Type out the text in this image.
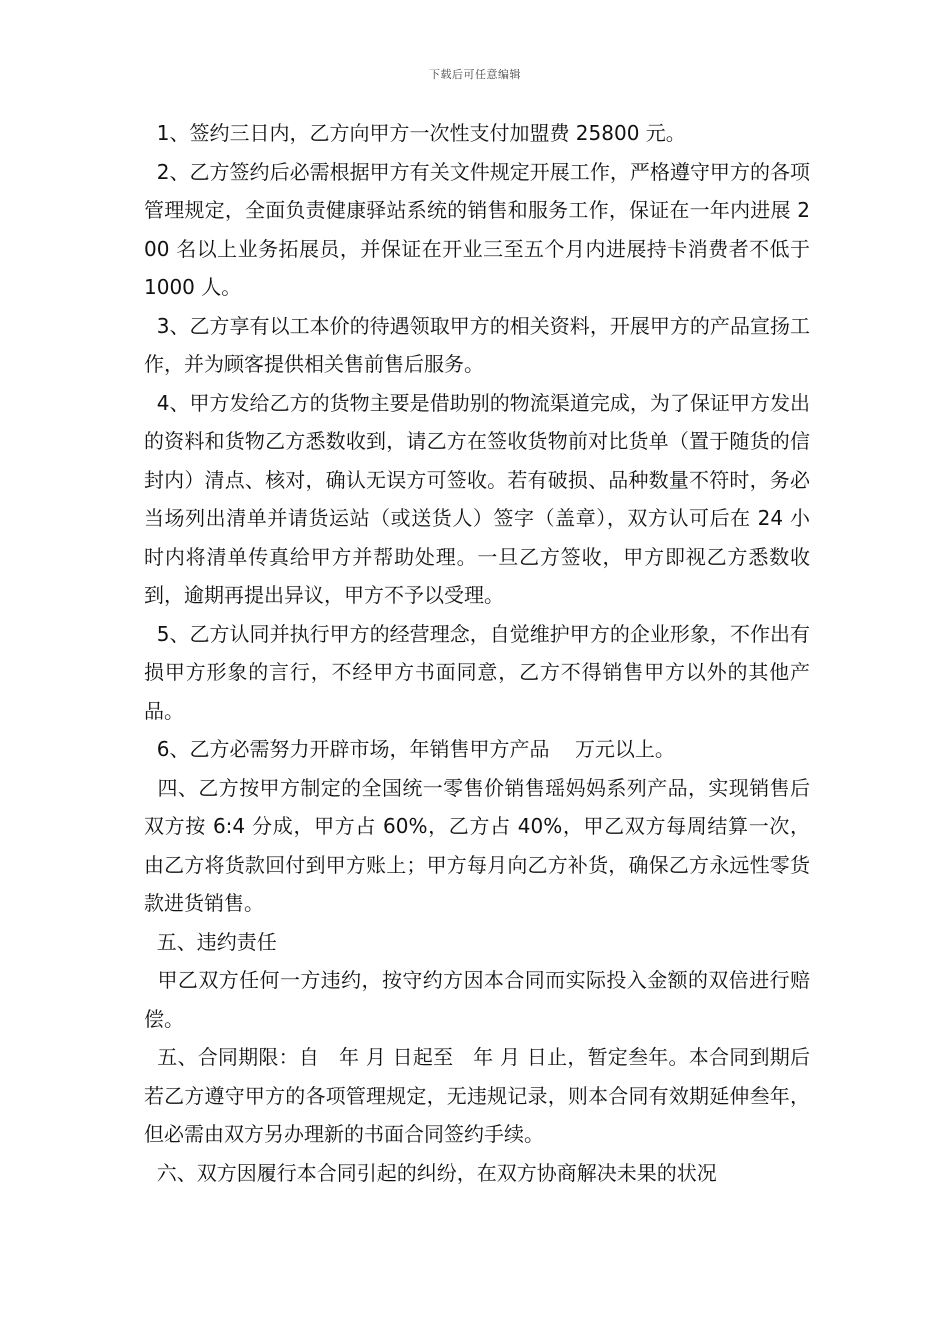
下载后可任意编辑

1、签约三日内，乙方向甲方一次性支付加盟费 25800 元。

2、乙方签约后必需根据甲方有关文件规定开展工作，严格遵守甲方的各项管理规定，全面负责健康驿站系统的销售和服务工作，保证在一年内进展 200 名以上业务拓展员，并保证在开业三至五个月内进展持卡消费者不低于 1000 人。

3、乙方享有以工本价的待遇领取甲方的相关资料，开展甲方的产品宣扬工作，并为顾客提供相关售前售后服务。

4、甲方发给乙方的货物主要是借助别的物流渠道完成，为了保证甲方发出的资料和货物乙方悉数收到，请乙方在签收货物前对比货单（置于随货的信封内）清点、核对，确认无误方可签收。若有破损、品种数量不符时，务必当场列出清单并请货运站（或送货人）签字（盖章），双方认可后在 24 小时内将清单传真给甲方并帮助处理。一旦乙方签收，甲方即视乙方悉数收到，逾期再提出异议，甲方不予以受理。

5、乙方认同并执行甲方的经营理念，自觉维护甲方的企业形象，不作出有损甲方形象的言行，不经甲方书面同意，乙方不得销售甲方以外的其他产品。

6、乙方必需努力开辟市场，年销售甲方产品    万元以上。

四、乙方按甲方制定的全国统一零售价销售瑶妈妈系列产品，实现销售后双方按 6:4 分成，甲方占 60%，乙方占 40%，甲乙双方每周结算一次，由乙方将货款回付到甲方账上；甲方每月向乙方补货，确保乙方永远性零货款进货销售。

五、违约责任

甲乙双方任何一方违约，按守约方因本合同而实际投入金额的双倍进行赔偿。

五、合同期限：自   年 月 日起至   年 月 日止，暂定叁年。本合同到期后若乙方遵守甲方的各项管理规定，无违规记录，则本合同有效期延伸叁年，但必需由双方另办理新的书面合同签约手续。

六、双方因履行本合同引起的纠纷，在双方协商解决未果的状况
